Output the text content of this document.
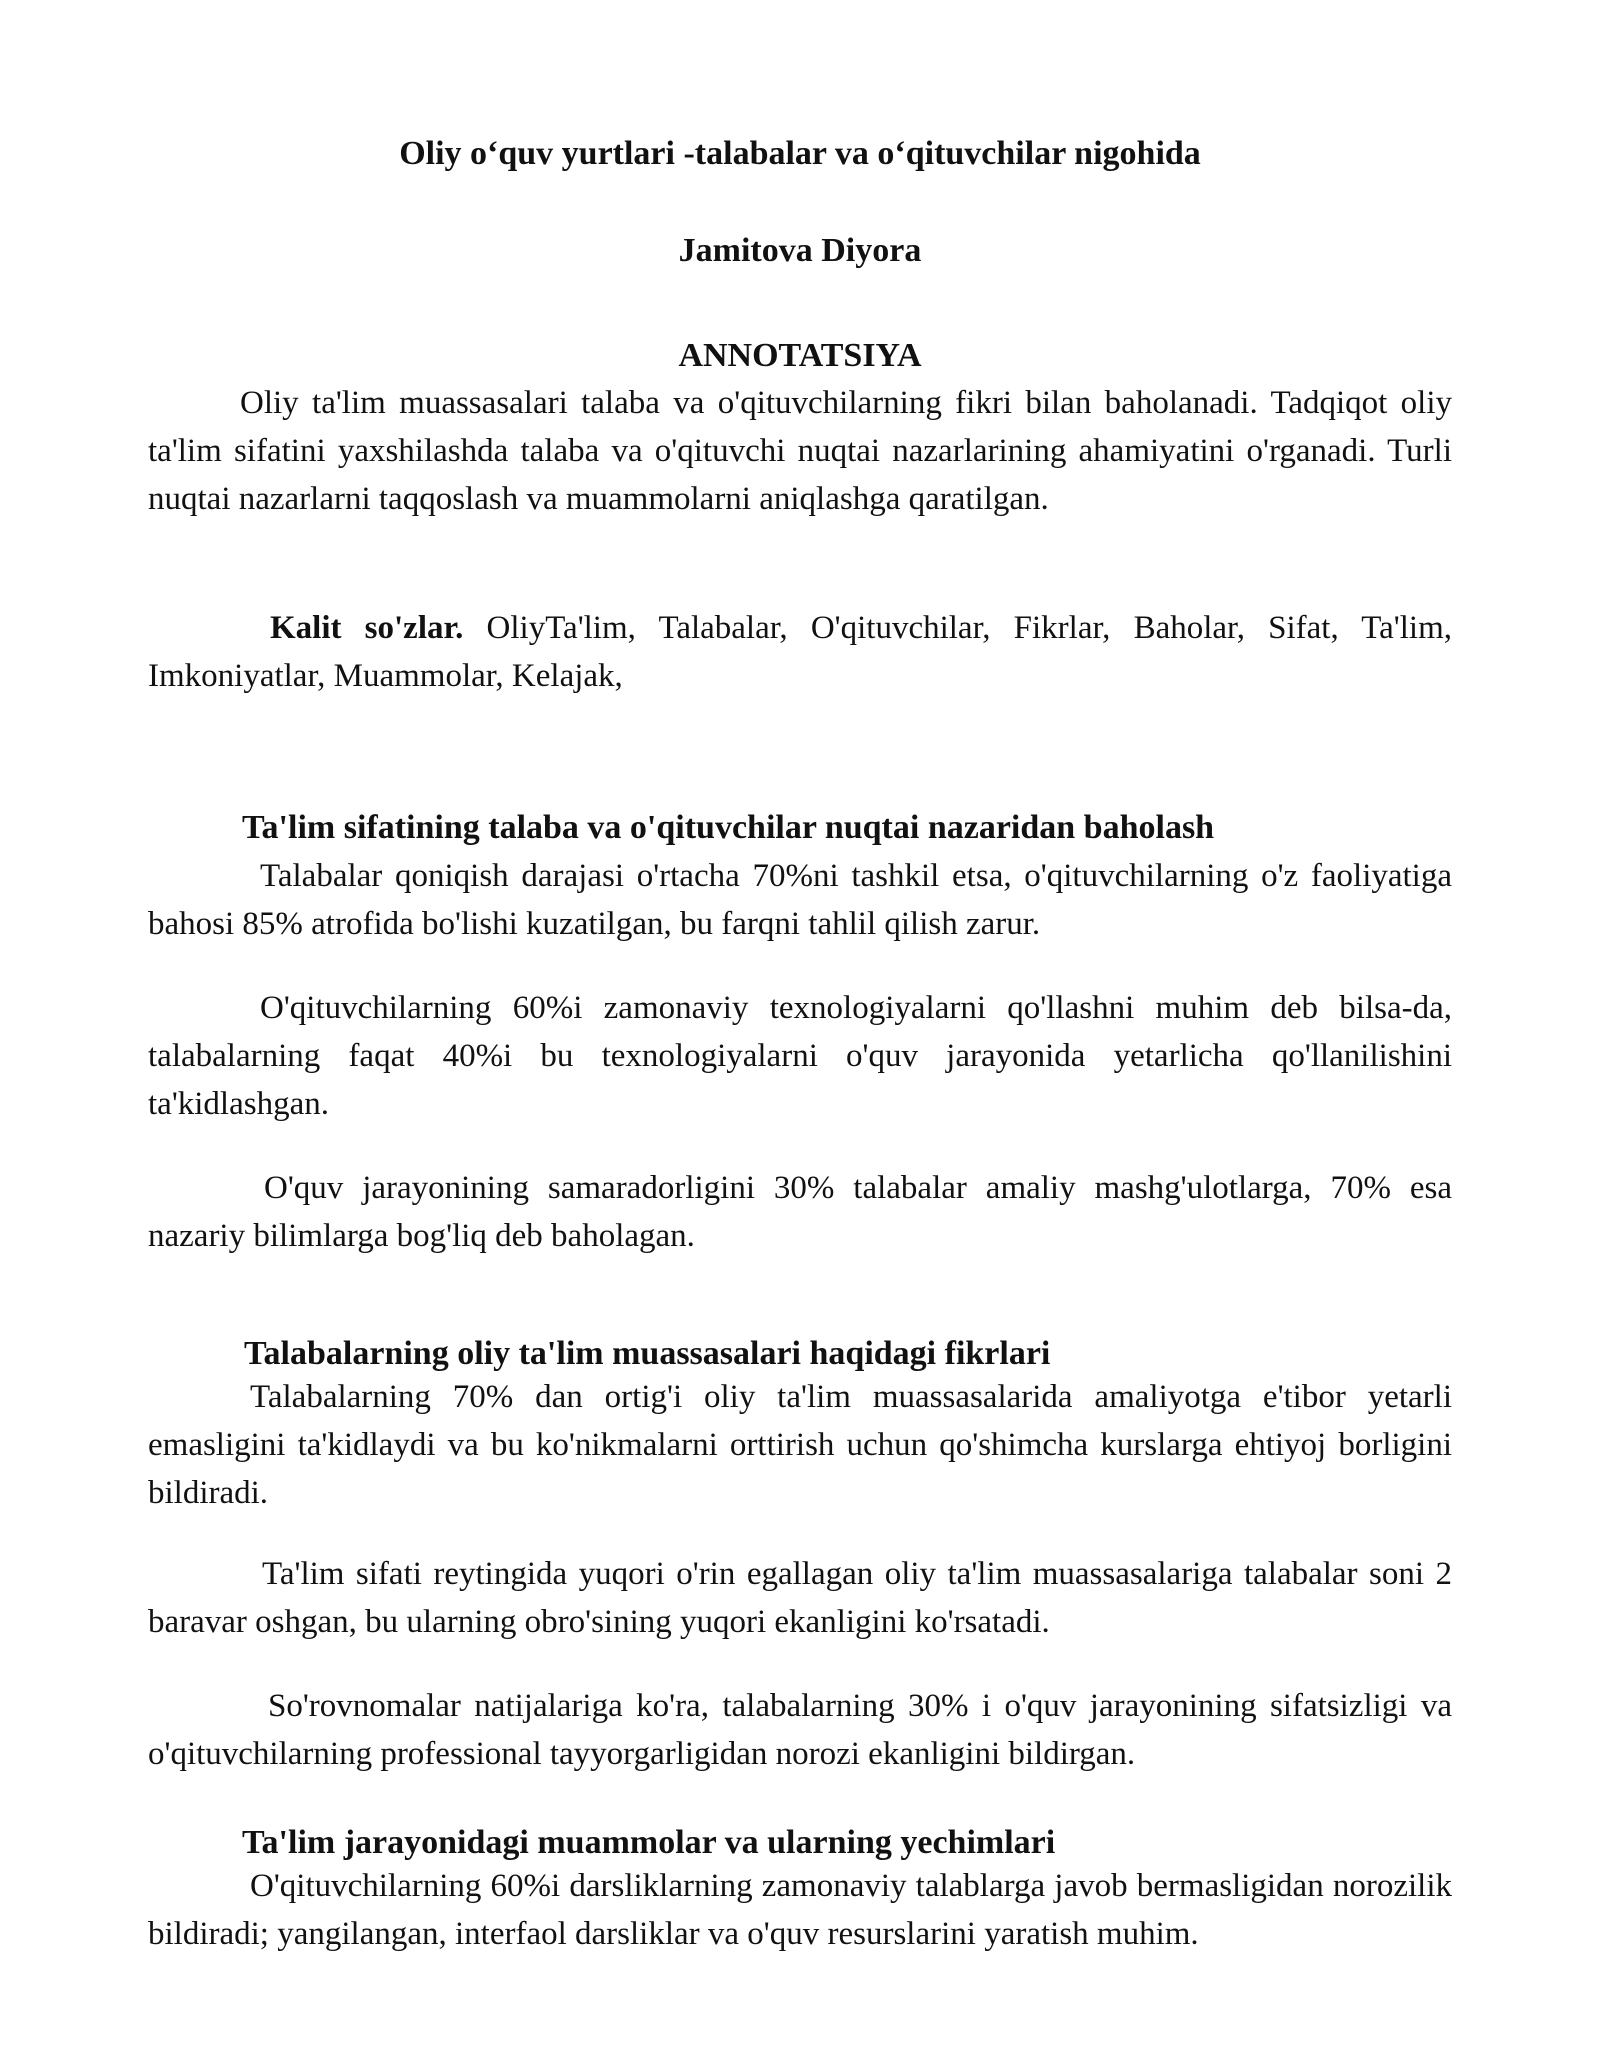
Oliy o‘quv yurtlari -talabalar va o‘qituvchilar nigohida
Jamitova Diyora
ANNOTATSIYA
Oliy ta'lim muassasalari talaba va o'qituvchilarning fikri bilan baholanadi. Tadqiqot oliy ta'lim sifatini yaxshilashda talaba va o'qituvchi nuqtai nazarlarining ahamiyatini o'rganadi. Turli nuqtai nazarlarni taqqoslash va muammolarni aniqlashga qaratilgan.
Kalit so'zlar. OliyTa'lim, Talabalar, O'qituvchilar, Fikrlar, Baholar, Sifat, Ta'lim, Imkoniyatlar, Muammolar, Kelajak,
Ta'lim sifatining talaba va o'qituvchilar nuqtai nazaridan baholash
Talabalar qoniqish darajasi o'rtacha 70%ni tashkil etsa, o'qituvchilarning o'z faoliyatiga bahosi 85% atrofida bo'lishi kuzatilgan, bu farqni tahlil qilish zarur.
O'qituvchilarning 60%i zamonaviy texnologiyalarni qo'llashni muhim deb bilsa-da, talabalarning faqat 40%i bu texnologiyalarni o'quv jarayonida yetarlicha qo'llanilishini ta'kidlashgan.
O'quv jarayonining samaradorligini 30% talabalar amaliy mashg'ulotlarga, 70% esa nazariy bilimlarga bog'liq deb baholagan.
Talabalarning oliy ta'lim muassasalari haqidagi fikrlari
Talabalarning 70% dan ortig'i oliy ta'lim muassasalarida amaliyotga e'tibor yetarli emasligini ta'kidlaydi va bu ko'nikmalarni orttirish uchun qo'shimcha kurslarga ehtiyoj borligini bildiradi.
Ta'lim sifati reytingida yuqori o'rin egallagan oliy ta'lim muassasalariga talabalar soni 2 baravar oshgan, bu ularning obro'sining yuqori ekanligini ko'rsatadi.
So'rovnomalar natijalariga ko'ra, talabalarning 30% i o'quv jarayonining sifatsizligi va o'qituvchilarning professional tayyorgarligidan norozi ekanligini bildirgan.
Ta'lim jarayonidagi muammolar va ularning yechimlari
O'qituvchilarning 60%i darsliklarning zamonaviy talablarga javob bermasligidan norozilik bildiradi; yangilangan, interfaol darsliklar va o'quv resurslarini yaratish muhim.
